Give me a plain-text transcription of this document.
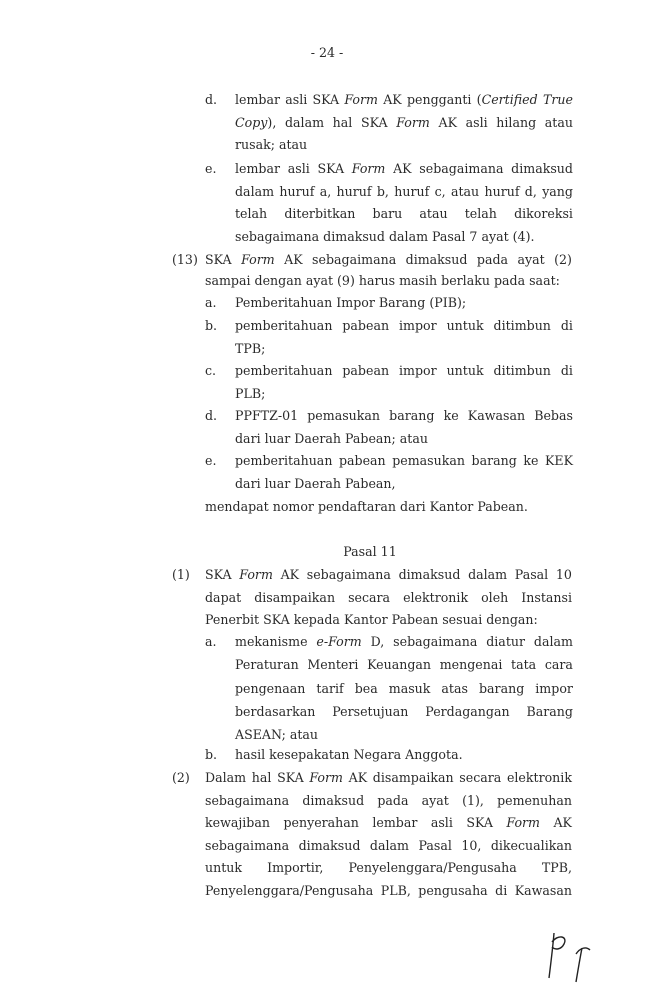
- 24 -
d. lembar asli SKA Form AK pengganti (Certified True
Copy), dalam hal SKA Form AK asli hilang atau
rusak; atau
e. lembar asli SKA Form AK sebagaimana dimaksud
dalam huruf a, huruf b, huruf c, atau huruf d, yang
telah diterbitkan baru atau telah dikoreksi
sebagaimana dimaksud dalam Pasal 7 ayat (4).
(13) SKA Form AK sebagaimana dimaksud pada ayat (2)
sampai dengan ayat (9) harus masih berlaku pada saat:
a. Pemberitahuan Impor Barang (PIB);
b. pemberitahuan pabean impor untuk ditimbun di
TPB;
c. pemberitahuan pabean impor untuk ditimbun di
PLB;
d. PPFTZ-01 pemasukan barang ke Kawasan Bebas
dari luar Daerah Pabean; atau
e. pemberitahuan pabean pemasukan barang ke KEK
dari luar Daerah Pabean,
mendapat nomor pendaftaran dari Kantor Pabean.
Pasal 11
(1) SKA Form AK sebagaimana dimaksud dalam Pasal 10
dapat disampaikan secara elektronik oleh Instansi
Penerbit SKA kepada Kantor Pabean sesuai dengan:
a. mekanisme e-Form D, sebagaimana diatur dalam
Peraturan Menteri Keuangan mengenai tata cara
pengenaan tarif bea masuk atas barang impor
berdasarkan Persetujuan Perdagangan Barang
ASEAN; atau
b. hasil kesepakatan Negara Anggota.
(2) Dalam hal SKA Form AK disampaikan secara elektronik
sebagaimana dimaksud pada ayat (1), pemenuhan
kewajiban penyerahan lembar asli SKA Form AK
sebagaimana dimaksud dalam Pasal 10, dikecualikan
untuk Importir, Penyelenggara/Pengusaha TPB,
Penyelenggara/Pengusaha PLB, pengusaha di Kawasan
